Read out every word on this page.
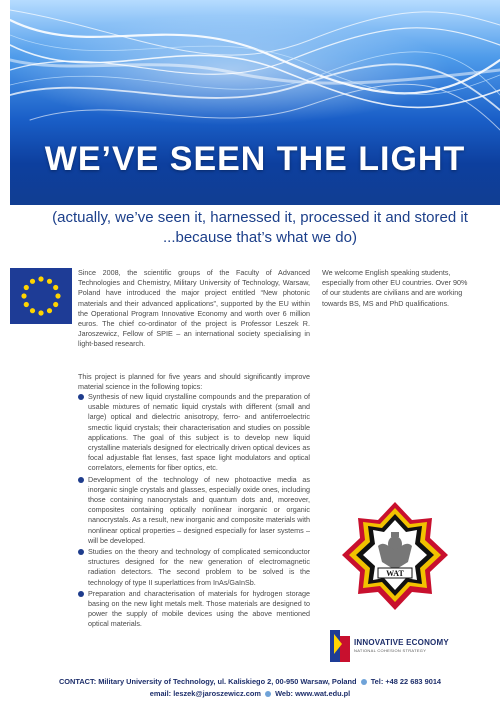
WE’VE SEEN THE LIGHT
(actually, we’ve seen it, harnessed it, processed it and stored it
...because that’s what we do)
Since 2008, the scientific groups of the Faculty of Advanced Technologies and Chemistry, Military University of Technology, Warsaw, Poland have introduced the major project entitled “New photonic materials and their advanced applications”, supported by the EU within the Operational Program Innovative Economy and worth over 6 million euros. The chief co-ordinator of the project is Professor Leszek R. Jaroszewicz, Fellow of SPIE – an international society specialising in light-based research.
This project is planned for five years and should significantly improve material science in the following topics:
Synthesis of new liquid crystalline compounds and the preparation of usable mixtures of nematic liquid crystals with different (small and large) optical and dielectric anisotropy, ferro- and antiferroelectric smectic liquid crystals; their characterisation and studies on possible applications. The goal of this subject is to develop new liquid crystalline materials designed for electrically driven optical devices as focal adjustable flat lenses, fast space light modulators and optical correlators, elements for fiber optics, etc.
Development of the technology of new photoactive media as inorganic single crystals and glasses, especially oxide ones, including those containing nanocrystals and quantum dots and, moreover, composites containing optically nonlinear inorganic or organic nanocrystals. As a result, new inorganic and composite materials with nonlinear optical properties – designed especially for laser systems – will be developed.
Studies on the theory and technology of complicated semiconductor structures designed for the new generation of electromagnetic radiation detectors. The second problem to be solved is the technology of type II superlattices from InAs/GaInSb.
Preparation and characterisation of materials for hydrogen storage basing on the new light metals melt. Those materials are designed to power the supply of mobile devices using the above mentioned optical materials.
We welcome English speaking students, especially from other EU countries. Over 90% of our students are civilians and are working towards BS, MS and PhD qualifications.
WAT
INNOVATIVE ECONOMY
NATIONAL COHESION STRATEGY
CONTACT: Military University of Technology, ul. Kaliskiego 2, 00-950 Warsaw, Poland Tel: +48 22 683 9014
email: leszek@jaroszewicz.com Web: www.wat.edu.pl
